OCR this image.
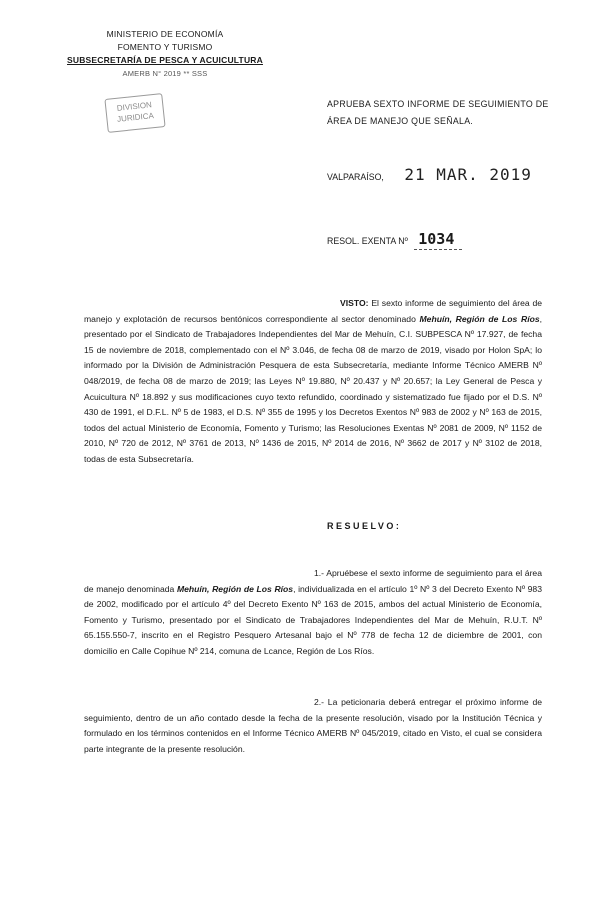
MINISTERIO DE ECONOMÍA
FOMENTO Y TURISMO
SUBSECRETARÍA DE PESCA Y ACUICULTURA
AMERB N° 2019 ** SSS
DIVISION
JURIDICA
APRUEBA SEXTO INFORME DE SEGUIMIENTO DE ÁREA DE MANEJO QUE SEÑALA.
VALPARAÍSO, 21 MAR. 2019
RESOL. EXENTA Nº 1034
VISTO: El sexto informe de seguimiento del área de manejo y explotación de recursos bentónicos correspondiente al sector denominado Mehuín, Región de Los Ríos, presentado por el Sindicato de Trabajadores Independientes del Mar de Mehuín, C.I. SUBPESCA Nº 17.927, de fecha 15 de noviembre de 2018, complementado con el Nº 3.046, de fecha 08 de marzo de 2019, visado por Holon SpA; lo informado por la División de Administración Pesquera de esta Subsecretaría, mediante Informe Técnico AMERB Nº 048/2019, de fecha 08 de marzo de 2019; las Leyes Nº 19.880, Nº 20.437 y Nº 20.657; la Ley General de Pesca y Acuicultura Nº 18.892 y sus modificaciones cuyo texto refundido, coordinado y sistematizado fue fijado por el D.S. Nº 430 de 1991, el D.F.L. Nº 5 de 1983, el D.S. Nº 355 de 1995 y los Decretos Exentos Nº 983 de 2002 y Nº 163 de 2015, todos del actual Ministerio de Economía, Fomento y Turismo; las Resoluciones Exentas Nº 2081 de 2009, Nº 1152 de 2010, Nº 720 de 2012, Nº 3761 de 2013, Nº 1436 de 2015, Nº 2014 de 2016, Nº 3662 de 2017 y Nº 3102 de 2018, todas de esta Subsecretaría.
RESUELVO:
1.- Apruébese el sexto informe de seguimiento para el área de manejo denominada Mehuín, Región de Los Ríos, individualizada en el artículo 1º Nº 3 del Decreto Exento Nº 983 de 2002, modificado por el artículo 4º del Decreto Exento Nº 163 de 2015, ambos del actual Ministerio de Economía, Fomento y Turismo, presentado por el Sindicato de Trabajadores Independientes del Mar de Mehuín, R.U.T. Nº 65.155.550-7, inscrito en el Registro Pesquero Artesanal bajo el Nº 778 de fecha 12 de diciembre de 2001, con domicilio en Calle Copihue Nº 214, comuna de Lcance, Región de Los Ríos.
2.- La peticionaria deberá entregar el próximo informe de seguimiento, dentro de un año contado desde la fecha de la presente resolución, visado por la Institución Técnica y formulado en los términos contenidos en el Informe Técnico AMERB Nº 045/2019, citado en Visto, el cual se considera parte integrante de la presente resolución.
